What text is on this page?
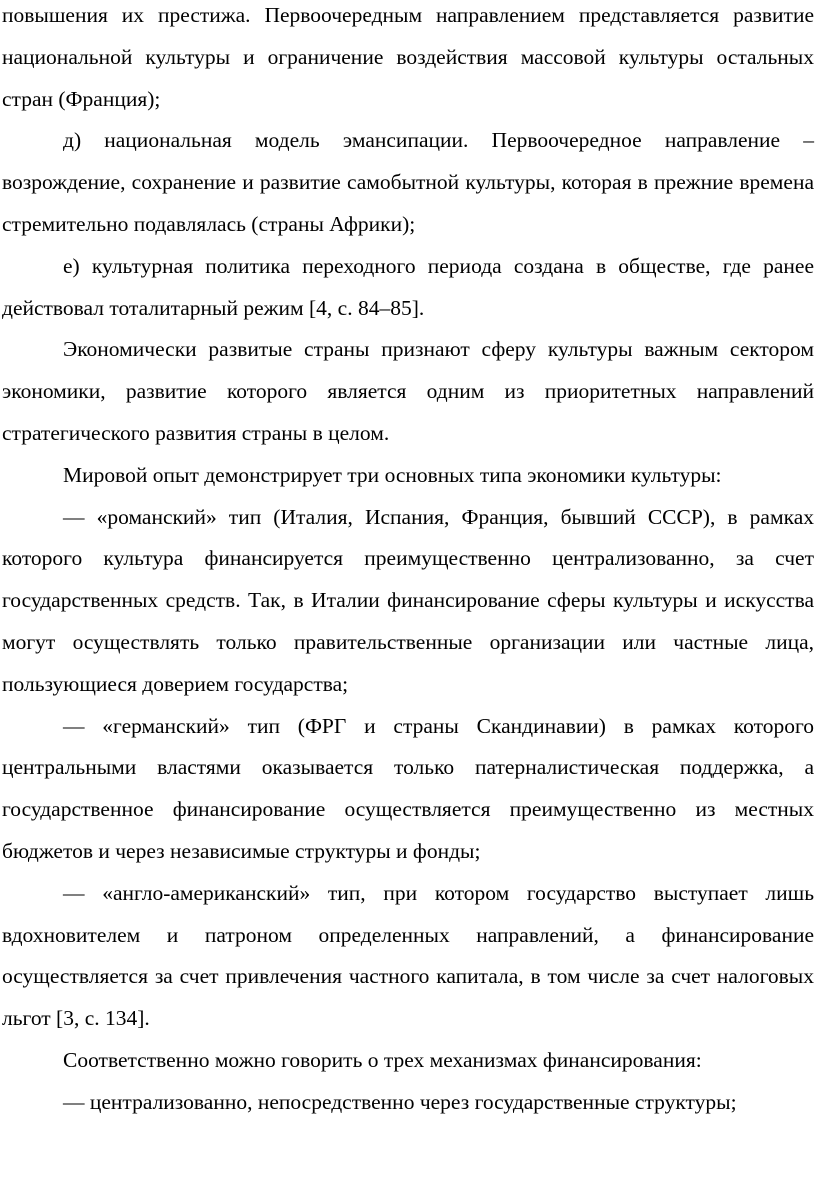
повышения их престижа. Первоочередным направлением представляется развитие национальной культуры и ограничение воздействия массовой культуры остальных стран (Франция);

д) национальная модель эмансипации. Первоочередное направление – возрождение, сохранение и развитие самобытной культуры, которая в прежние времена стремительно подавлялась (страны Африки);

е) культурная политика переходного периода создана в обществе, где ранее действовал тоталитарный режим [4, с. 84–85].

Экономически развитые страны признают сферу культуры важным сектором экономики, развитие которого является одним из приоритетных направлений стратегического развития страны в целом.

Мировой опыт демонстрирует три основных типа экономики культуры:

― «романский» тип (Италия, Испания, Франция, бывший СССР), в рамках которого культура финансируется преимущественно централизованно, за счет государственных средств. Так, в Италии финансирование сферы культуры и искусства могут осуществлять только правительственные организации или частные лица, пользующиеся доверием государства;

― «германский» тип (ФРГ и страны Скандинавии) в рамках которого центральными властями оказывается только патерналистическая поддержка, а государственное финансирование осуществляется преимущественно из местных бюджетов и через независимые структуры и фонды;

― «англо-американский» тип, при котором государство выступает лишь вдохновителем и патроном определенных направлений, а финансирование осуществляется за счет привлечения частного капитала, в том числе за счет налоговых льгот [3, с. 134].

Соответственно можно говорить о трех механизмах финансирования:

― централизованно, непосредственно через государственные структуры;
